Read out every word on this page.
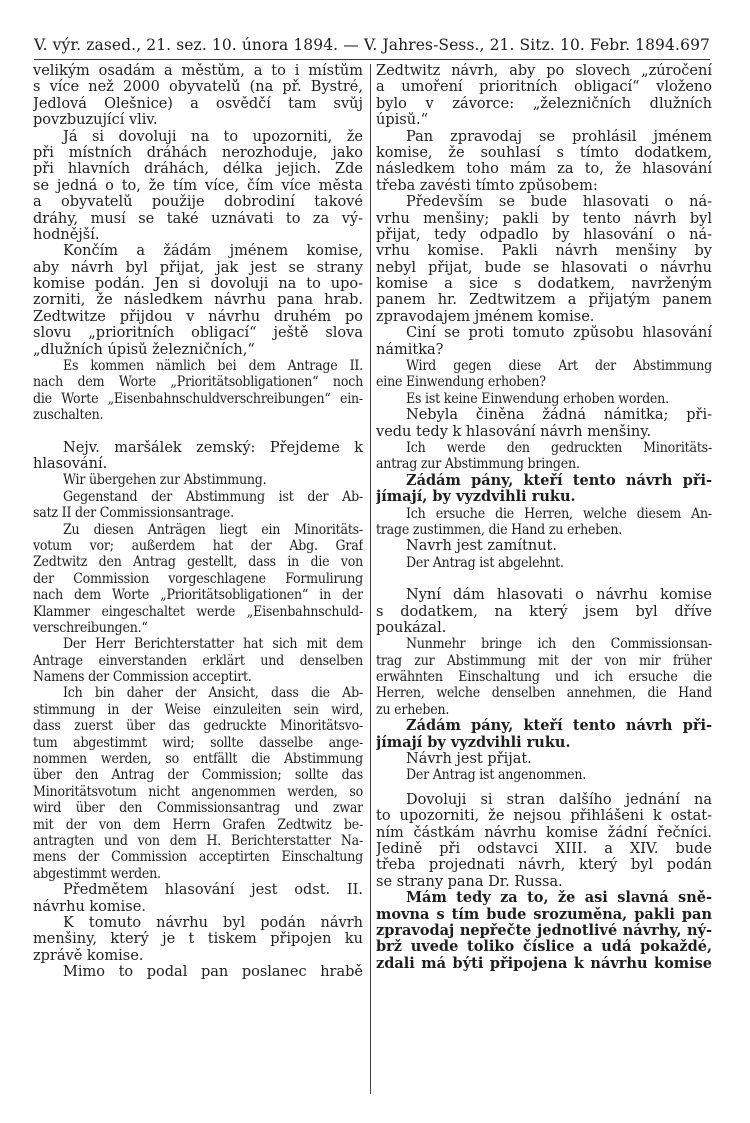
V. výr. zased., 21. sez. 10. února 1894. — V. Jahres-Sess., 21. Sitz. 10. Febr. 1894. 697
velikým osadám a městům, a to i místům
s více než 2000 obyvatelů (na př. Bystré,
Jedlová Olešnice) a osvědčí tam svůj
povzbuzující vliv.
Já si dovoluji na to upozorniti, že
při místních dráhách nerozhoduje, jako
při hlavních dráhách, délka jejich. Zde
se jedná o to, že tím více, čím více města
a obyvatelů použije dobrodiní takové
dráhy, musí se také uznávati to za vý-
hodnější.
Končím a žádám jménem komise,
aby návrh byl přijat, jak jest se strany
komise podán. Jen si dovoluji na to upo-
zorniti, že následkem návrhu pana hrab.
Zedtwitze přijdou v návrhu druhém po
slovu „prioritních obligací“ ještě slova
„dlužních úpisů železničních,“
Es kommen nämlich bei dem Antrage II.
nach dem Worte „Prioritätsobligationen“ noch
die Worte „Eisenbahnschuldverschreibungen“ ein-
zuschalten.
Nejv. maršálek zemský: Přejdeme k
hlasování.
Wir übergehen zur Abstimmung.
Gegenstand der Abstimmung ist der Ab-
satz II der Commissionsantrage.
Zu diesen Anträgen liegt ein Minoritäts-
votum vor; außerdem hat der Abg. Graf
Zedtwitz den Antrag gestellt, dass in die von
der Commission vorgeschlagene Formulirung
nach dem Worte „Prioritätsobligationen“ in der
Klammer eingeschaltet werde „Eisenbahnschuld-
verschreibungen.“
Der Herr Berichterstatter hat sich mit dem
Antrage einverstanden erklärt und denselben
Namens der Commission acceptirt.
Ich bin daher der Ansicht, dass die Ab-
stimmung in der Weise einzuleiten sein wird,
dass zuerst über das gedruckte Minoritätsvo-
tum abgestimmt wird; sollte dasselbe ange-
nommen werden, so entfällt die Abstimmung
über den Antrag der Commission; sollte das
Minoritätsvotum nicht angenommen werden, so
wird über den Commissionsantrag und zwar
mit der von dem Herrn Grafen Zedtwitz be-
antragten und von dem H. Berichterstatter Na-
mens der Commission acceptirten Einschaltung
abgestimmt werden.
Předmětem hlasování jest odst. II.
návrhu komise.
K tomuto návrhu byl podán návrh
menšiny, který je t tiskem připojen ku
zprávě komise.
Mimo to podal pan poslanec hrabě
Zedtwitz návrh, aby po slovech „zúročení
a umoření prioritních obligací“ vloženo
bylo v závorce: „železničních dlužních
úpisů.“
Pan zpravodaj se prohlásil jménem
komise, že souhlasí s tímto dodatkem,
následkem toho mám za to, že hlasování
třeba zavésti tímto způsobem:
Především se bude hlasovati o ná-
vrhu menšiny; pakli by tento návrh byl
přijat, tedy odpadlo by hlasování o ná-
vrhu komise. Pakli návrh menšiny by
nebyl přijat, bude se hlasovati o návrhu
komise a sice s dodatkem, navrženým
panem hr. Zedtwitzem a přijatým panem
zpravodajem jménem komise.
Činí se proti tomuto způsobu hlasování
námitka?
Wird gegen diese Art der Abstimmung
eine Einwendung erhoben?
Es ist keine Einwendung erhoben worden.
Nebyla činěna žádná námitka; při-
vedu tedy k hlasování návrh menšiny.
Ich werde den gedruckten Minoritäts-
antrag zur Abstimmung bringen.
Žádám pány, kteří tento návrh při-
jímají, by vyzdvihli ruku.
Ich ersuche die Herren, welche diesem An-
trage zustimmen, die Hand zu erheben.
Navrh jest zamítnut.
Der Antrag ist abgelehnt.
Nyní dám hlasovati o návrhu komise
s dodatkem, na který jsem byl dříve
poukázal.
Nunmehr bringe ich den Commissionsan-
trag zur Abstimmung mit der von mir früher
erwähnten Einschaltung und ich ersuche die
Herren, welche denselben annehmen, die Hand
zu erheben.
Žádám pány, kteří tento návrh při-
jímají by vyzdvihli ruku.
Návrh jest přijat.
Der Antrag ist angenommen.
Dovoluji si stran dalšího jednání na
to upozorniti, že nejsou přihlášeni k ostat-
ním částkám návrhu komise žádní řečníci.
Jedině při odstavci XIII. a XIV. bude
třeba projednati návrh, který byl podán
se strany pana Dr. Russa.
Mám tedy za to, že asi slavná sně-
movna s tím bude srozuměna, pakli pan
zpravodaj nepřečte jednotlivé návrhy, ný-
brž uvede toliko číslice a udá pokaždé,
zdali má býti připojena k návrhu komise
